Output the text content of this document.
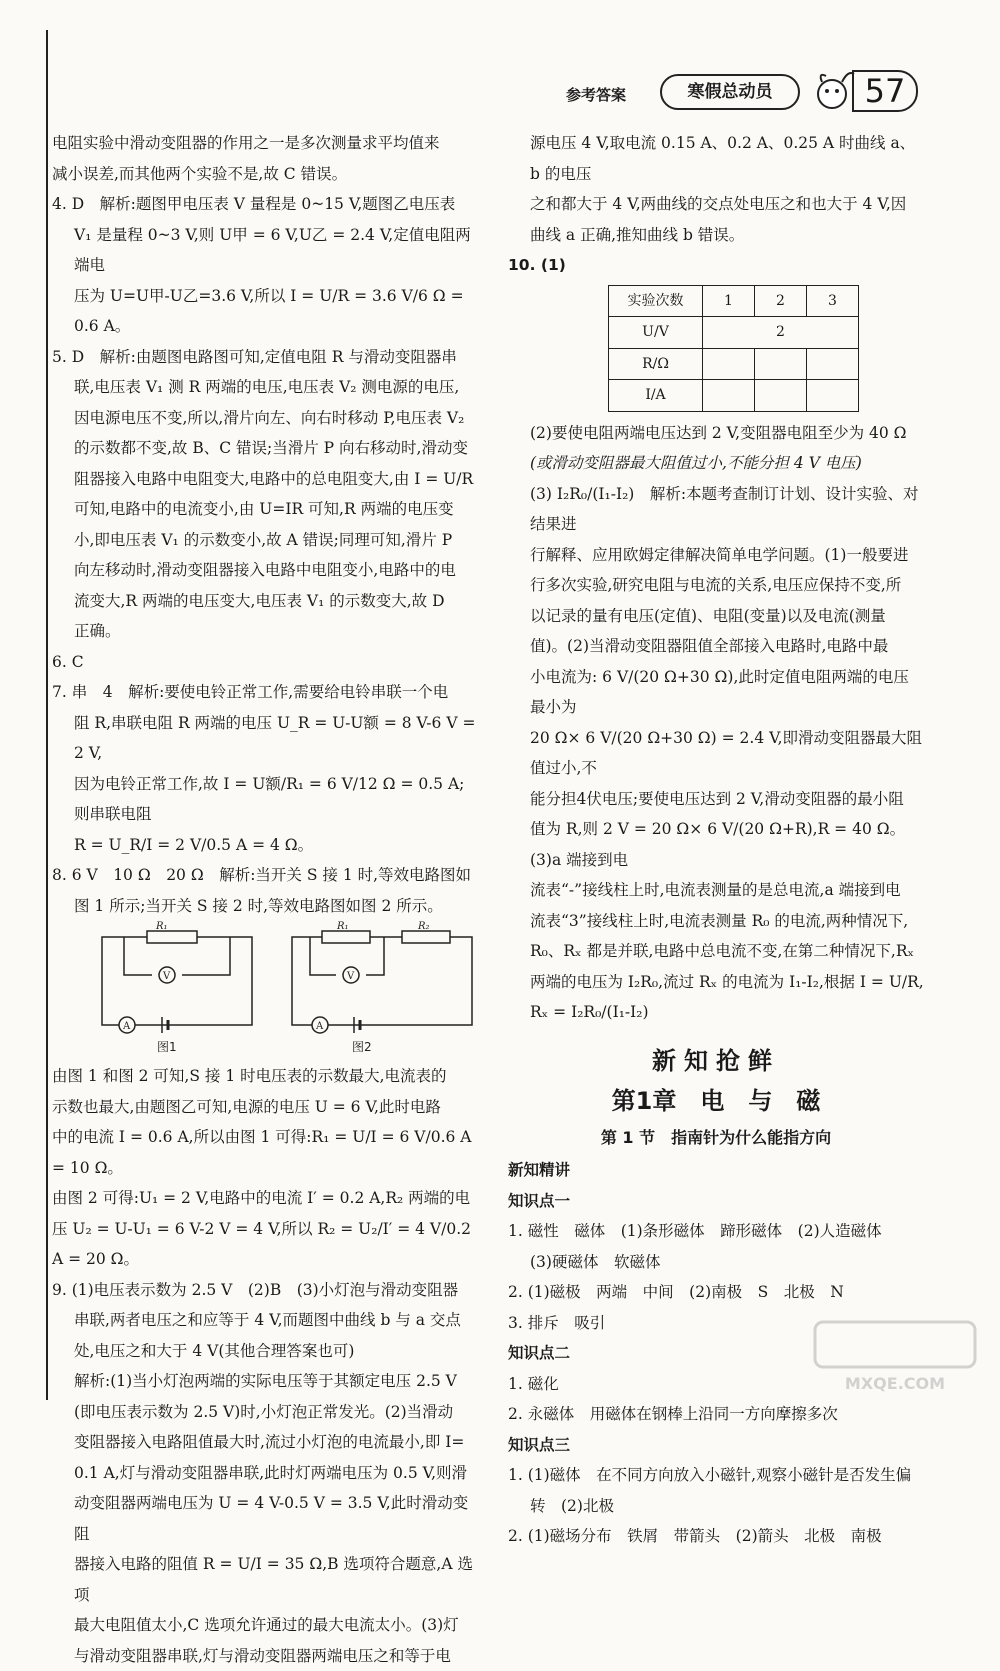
参考答案	寒假总动员	57
电阻实验中滑动变阻器的作用之一是多次测量求平均值来
减小误差,而其他两个实验不是,故 C 错误。
4. D　解析:题图甲电压表 V 量程是 0~15 V,题图乙电压表
V₁ 是量程 0~3 V,则 U甲 = 6 V,U乙 = 2.4 V,定值电阻两端电
压为 U=U甲-U乙=3.6 V,所以 I = U/R = 3.6 V/6 Ω = 0.6 A。
5. D　解析:由题图电路图可知,定值电阻 R 与滑动变阻器串
联,电压表 V₁ 测 R 两端的电压,电压表 V₂ 测电源的电压,
因电源电压不变,所以,滑片向左、向右时移动 P,电压表 V₂
的示数都不变,故 B、C 错误;当滑片 P 向右移动时,滑动变
阻器接入电路中电阻变大,电路中的总电阻变大,由 I = U/R
可知,电路中的电流变小,由 U=IR 可知,R 两端的电压变
小,即电压表 V₁ 的示数变小,故 A 错误;同理可知,滑片 P
向左移动时,滑动变阻器接入电路中电阻变小,电路中的电
流变大,R 两端的电压变大,电压表 V₁ 的示数变大,故 D
正确。
6. C
7. 串　4　解析:要使电铃正常工作,需要给电铃串联一个电
阻 R,串联电阻 R 两端的电压 U_R = U-U额 = 8 V-6 V = 2 V,
因为电铃正常工作,故 I = U额/R₁ = 6 V/12 Ω = 0.5 A;则串联电阻
R = U_R/I = 2 V/0.5 A = 4 Ω。
8. 6 V　10 Ω　20 Ω　解析:当开关 S 接 1 时,等效电路图如
图 1 所示;当开关 S 接 2 时,等效电路图如图 2 所示。
R₁
V
A
R₁	R₂
V
A
图1	图2
由图 1 和图 2 可知,S 接 1 时电压表的示数最大,电流表的
示数也最大,由题图乙可知,电源的电压 U = 6 V,此时电路
中的电流 I = 0.6 A,所以由图 1 可得:R₁ = U/I = 6 V/0.6 A = 10 Ω。
由图 2 可得:U₁ = 2 V,电路中的电流 I′ = 0.2 A,R₂ 两端的电
压 U₂ = U-U₁ = 6 V-2 V = 4 V,所以 R₂ = U₂/I′ = 4 V/0.2 A = 20 Ω。
9. (1)电压表示数为 2.5 V　(2)B　(3)小灯泡与滑动变阻器
串联,两者电压之和应等于 4 V,而题图中曲线 b 与 a 交点
处,电压之和大于 4 V(其他合理答案也可)
解析:(1)当小灯泡两端的实际电压等于其额定电压 2.5 V
(即电压表示数为 2.5 V)时,小灯泡正常发光。(2)当滑动
变阻器接入电路阻值最大时,流过小灯泡的电流最小,即 I=
0.1 A,灯与滑动变阻器串联,此时灯两端电压为 0.5 V,则滑
动变阻器两端电压为 U = 4 V-0.5 V = 3.5 V,此时滑动变阻
器接入电路的阻值 R = U/I = 35 Ω,B 选项符合题意,A 选项
最大电阻值太小,C 选项允许通过的最大电流太小。(3)灯
与滑动变阻器串联,灯与滑动变阻器两端电压之和等于电
源电压 4 V,取电流 0.15 A、0.2 A、0.25 A 时曲线 a、b 的电压
之和都大于 4 V,两曲线的交点处电压之和也大于 4 V,因
曲线 a 正确,推知曲线 b 错误。
10. (1)
实验次数	1	2	3
U/V	2		
R/Ω			
I/A			
(2)要使电阻两端电压达到 2 V,变阻器电阻至少为 40 Ω
(或滑动变阻器最大阻值过小,不能分担 4 V 电压)
(3) I₂R₀/(I₁-I₂)　解析:本题考查制订计划、设计实验、对结果进
行解释、应用欧姆定律解决简单电学问题。(1)一般要进
行多次实验,研究电阻与电流的关系,电压应保持不变,所
以记录的量有电压(定值)、电阻(变量)以及电流(测量
值)。(2)当滑动变阻器阻值全部接入电路时,电路中最
小电流为: 6 V/(20 Ω+30 Ω),此时定值电阻两端的电压最小为
20 Ω× 6 V/(20 Ω+30 Ω) = 2.4 V,即滑动变阻器最大阻值过小,不
能分担4伏电压;要使电压达到 2 V,滑动变阻器的最小阻
值为 R,则 2 V = 20 Ω× 6 V/(20 Ω+R),R = 40 Ω。(3)a 端接到电
流表“-”接线柱上时,电流表测量的是总电流,a 端接到电
流表“3”接线柱上时,电流表测量 R₀ 的电流,两种情况下,
R₀、Rₓ 都是并联,电路中总电流不变,在第二种情况下,Rₓ
两端的电压为 I₂R₀,流过 Rₓ 的电流为 I₁-I₂,根据 I = U/R,
Rₓ = I₂R₀/(I₁-I₂)
新知抢鲜
第1章　电　与　磁
第 1 节　指南针为什么能指方向
新知精讲
知识点一
1. 磁性　磁体　(1)条形磁体　蹄形磁体　(2)人造磁体
(3)硬磁体　软磁体
2. (1)磁极　两端　中间　(2)南极　S　北极　N
3. 排斥　吸引
知识点二
1. 磁化
2. 永磁体　用磁体在钢棒上沿同一方向摩擦多次
知识点三
1. (1)磁体　在不同方向放入小磁针,观察小磁针是否发生偏
转　(2)北极
2. (1)磁场分布　铁屑　带箭头　(2)箭头　北极　南极
MXQE.COM
